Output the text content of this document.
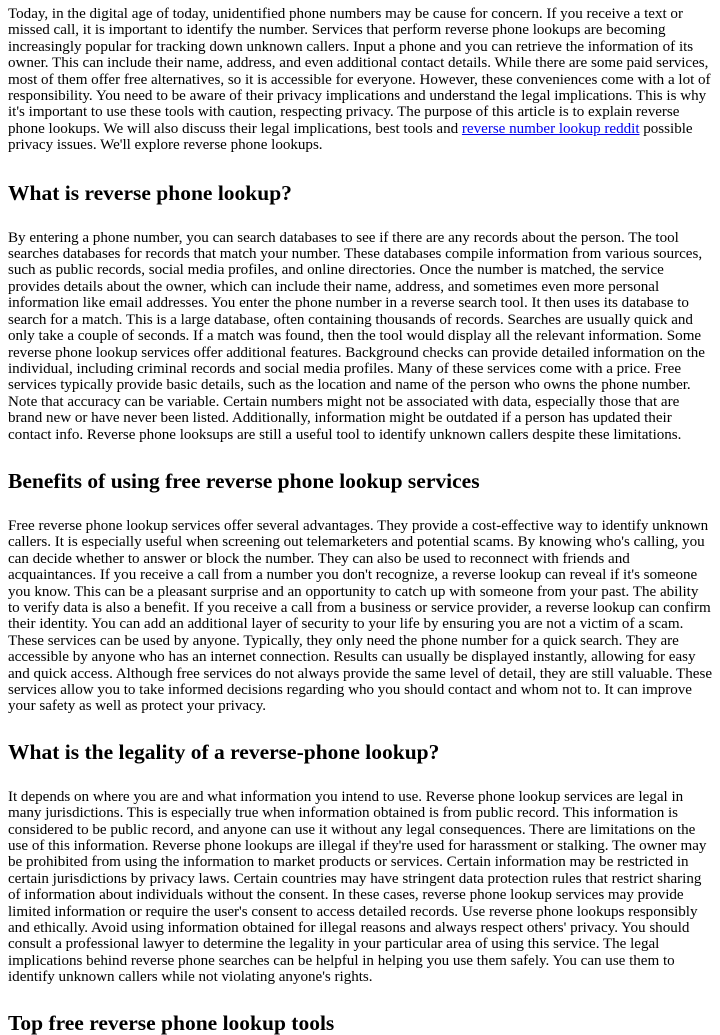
Today, in the digital age of today, unidentified phone numbers may be cause for concern. If you receive a text or missed call, it is important to identify the number. Services that perform reverse phone lookups are becoming increasingly popular for tracking down unknown callers. Input a phone and you can retrieve the information of its owner. This can include their name, address, and even additional contact details. While there are some paid services, most of them offer free alternatives, so it is accessible for everyone. However, these conveniences come with a lot of responsibility. You need to be aware of their privacy implications and understand the legal implications. This is why it's important to use these tools with caution, respecting privacy. The purpose of this article is to explain reverse phone lookups. We will also discuss their legal implications, best tools and reverse number lookup reddit possible privacy issues. We'll explore reverse phone lookups.

What is reverse phone lookup?

By entering a phone number, you can search databases to see if there are any records about the person. The tool searches databases for records that match your number. These databases compile information from various sources, such as public records, social media profiles, and online directories. Once the number is matched, the service provides details about the owner, which can include their name, address, and sometimes even more personal information like email addresses. You enter the phone number in a reverse search tool. It then uses its database to search for a match. This is a large database, often containing thousands of records. Searches are usually quick and only take a couple of seconds. If a match was found, then the tool would display all the relevant information. Some reverse phone lookup services offer additional features. Background checks can provide detailed information on the individual, including criminal records and social media profiles. Many of these services come with a price. Free services typically provide basic details, such as the location and name of the person who owns the phone number. Note that accuracy can be variable. Certain numbers might not be associated with data, especially those that are brand new or have never been listed. Additionally, information might be outdated if a person has updated their contact info. Reverse phone looksups are still a useful tool to identify unknown callers despite these limitations.

Benefits of using free reverse phone lookup services

Free reverse phone lookup services offer several advantages. They provide a cost-effective way to identify unknown callers. It is especially useful when screening out telemarketers and potential scams. By knowing who's calling, you can decide whether to answer or block the number. They can also be used to reconnect with friends and acquaintances. If you receive a call from a number you don't recognize, a reverse lookup can reveal if it's someone you know. This can be a pleasant surprise and an opportunity to catch up with someone from your past. The ability to verify data is also a benefit. If you receive a call from a business or service provider, a reverse lookup can confirm their identity. You can add an additional layer of security to your life by ensuring you are not a victim of a scam. These services can be used by anyone. Typically, they only need the phone number for a quick search. They are accessible by anyone who has an internet connection. Results can usually be displayed instantly, allowing for easy and quick access. Although free services do not always provide the same level of detail, they are still valuable. These services allow you to take informed decisions regarding who you should contact and whom not to. It can improve your safety as well as protect your privacy.

What is the legality of a reverse-phone lookup?

It depends on where you are and what information you intend to use. Reverse phone lookup services are legal in many jurisdictions. This is especially true when information obtained is from public record. This information is considered to be public record, and anyone can use it without any legal consequences. There are limitations on the use of this information. Reverse phone lookups are illegal if they're used for harassment or stalking. The owner may be prohibited from using the information to market products or services. Certain information may be restricted in certain jurisdictions by privacy laws. Certain countries may have stringent data protection rules that restrict sharing of information about individuals without the consent. In these cases, reverse phone lookup services may provide limited information or require the user's consent to access detailed records. Use reverse phone lookups responsibly and ethically. Avoid using information obtained for illegal reasons and always respect others' privacy. You should consult a professional lawyer to determine the legality in your particular area of using this service. The legal implications behind reverse phone searches can be helpful in helping you use them safely. You can use them to identify unknown callers while not violating anyone's rights.

Top free reverse phone lookup tools
